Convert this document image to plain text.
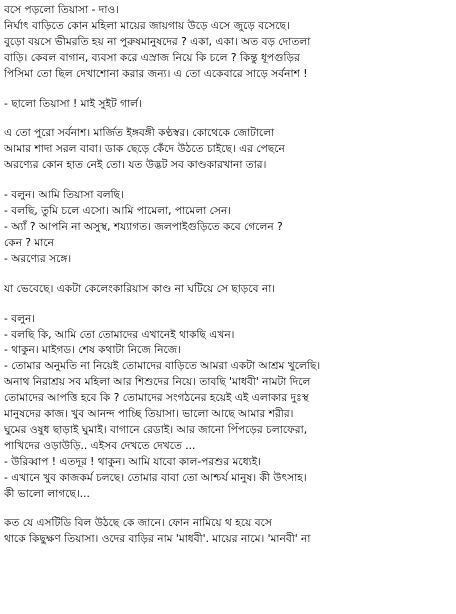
বসে পড়লো তিয়াসা - দাও।
নির্ঘাৎ বাড়িতে কোন মহিলা মায়ের জায়গায় উড়ে এসে জুড়ে বসেছে।
বুড়ো বয়সে ভীমরতি হয় না পুরুষমানুষদের ? একা, একা। অত বড় দোতলা
বাড়ি। কেবল বাগান, ব্যবসা করে এস্রাজ নিয়ে কি চলে ? কিন্তু ধূপগুড়ির
পিসিমা তো ছিল দেখাশোনা করার জন্য। এ তো একেবারে সাড়ে সর্বনাশ !
- ছালো তিয়াসা ! মাই সুইট গার্ল।
এ তো পুরো সর্বনাশ। মার্জিত ইঙ্গবঙ্গী কণ্ঠস্বর। কোথেকে জোটালো
আমার শাদা সরল বাবা। ডাক ছেড়ে কেঁদে উঠতে চাইছে। এর পেছনে
অরণ্যের কোন হাত নেই তো। যত উদ্ভট সব কাণ্ডকারখানা তার।
- বলুন। আমি তিয়াসা বলছি।
- বলছি, তুমি চলে এসো। আমি পামেলা, পামেলা সেন।
- অ্যাঁ ? আপনি না অসুস্থ, শয্যাগত। জলপাইগুড়িতে কবে গেলেন ?
কেন ? মানে
- অরণ্যের সঙ্গে।
যা ভেবেছে। একটা কেলেংকারিয়াস কাণ্ড না ঘটিয়ে সে ছাড়বে না।
- বলুন।
- বলছি কি, আমি তো তোমাদের এখানেই থাকছি এখন।
- থাকুন। মাইগড। শেষ কথাটা নিজে নিজে।
- তোমার অনুমতি না নিয়েই তোমাদের বাড়িতে আমরা একটা আশ্রম খুলেছি।
অনাথ নিরাশ্রয় সব মহিলা আর শিশুদের নিয়ে। তাবছি 'মাধবী' নামটা দিলে
তোমাদের আপত্তি হবে কি ? তোমাদের সংগঠনের হয়েই এই এলাকার দুঃস্থ
মানুষদের কাজ। খুব আনন্দ পাচ্ছি তিয়াসা। ভালো আছে আমার শরীর।
ঘুমের ওষুধ ছাড়াই ঘুমাই। বাগানে রেডাই। আর জানো পিঁপড়ের চলাফেরা,
পাখিদের ওড়াউড়ি.. এইসব দেখতে দেখতে ...
- উরিব্বাপ ! এতদূর ! থাকুন। আমি যাবো কাল-পরশুর মধ্যেই।
- এখানে খুব কাজকর্ম চলছে। তোমার বাবা তো আশ্চর্য মানুষ। কী উৎসাহ।
কী ভালো লাগছে।...
কত যে এসটিডি বিল উঠছে কে জানে। ফোন নামিয়ে থ হয়ে বসে
থাকে কিছুক্ষণ তিয়াসা। ওদের বাড়ির নাম 'মাধবী'. মায়ের নামে। 'মানবী' না
